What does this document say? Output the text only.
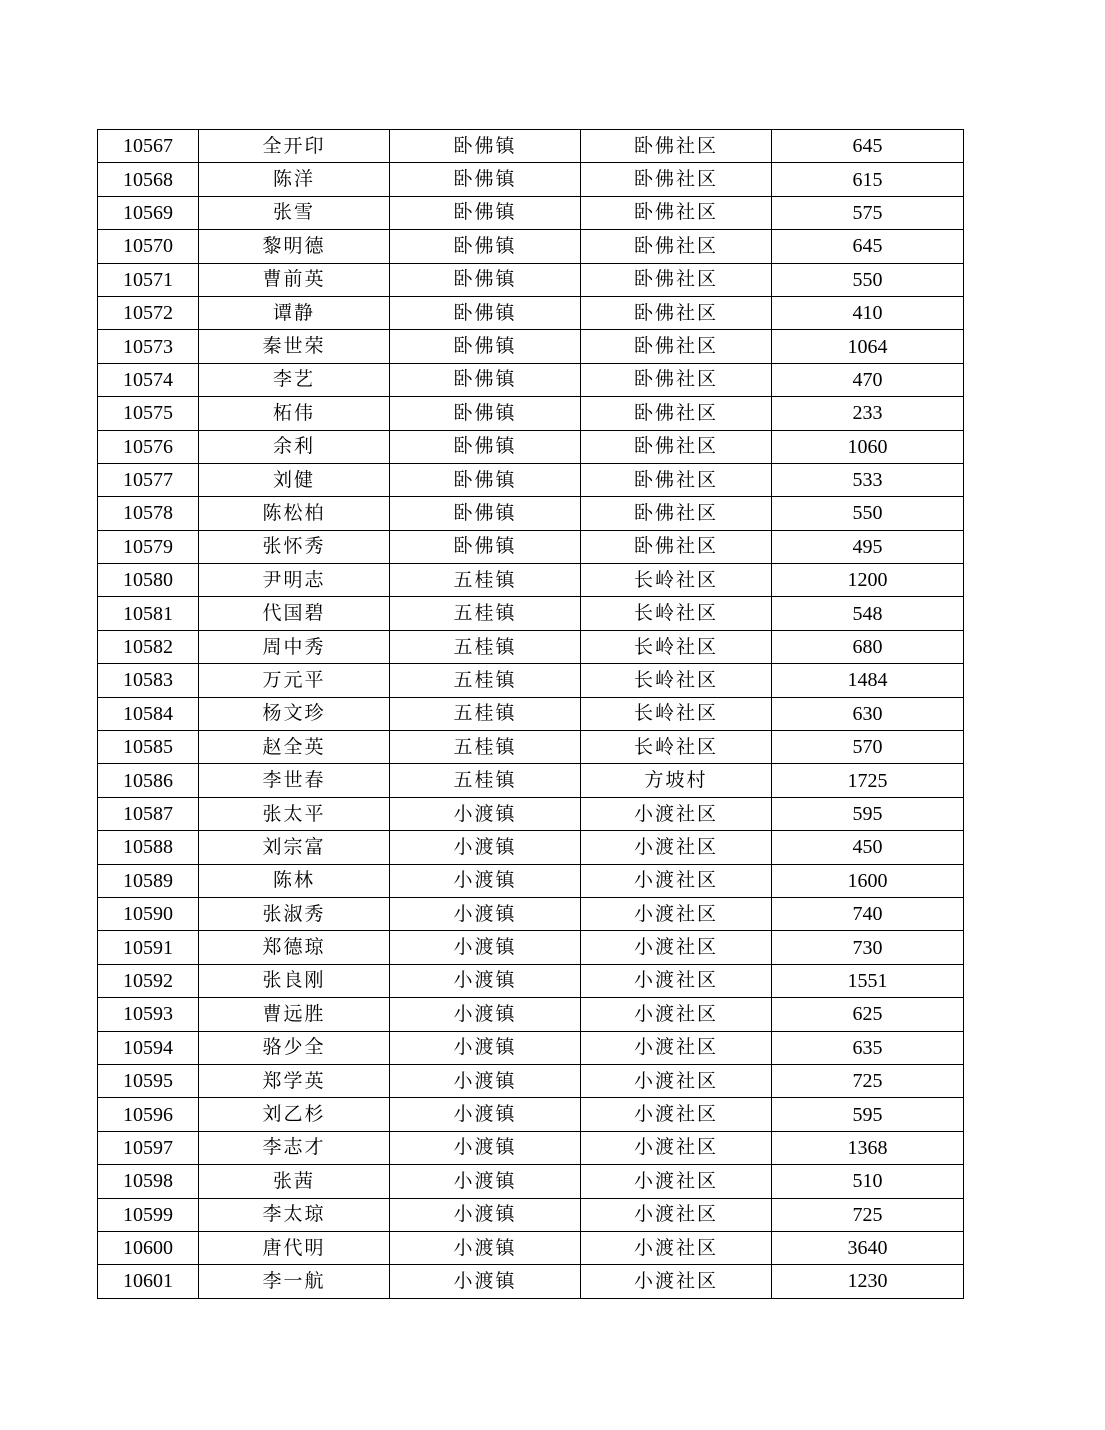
10567	全开印	卧佛镇	卧佛社区	645
10568	陈洋	卧佛镇	卧佛社区	615
10569	张雪	卧佛镇	卧佛社区	575
10570	黎明德	卧佛镇	卧佛社区	645
10571	曹前英	卧佛镇	卧佛社区	550
10572	谭静	卧佛镇	卧佛社区	410
10573	秦世荣	卧佛镇	卧佛社区	1064
10574	李艺	卧佛镇	卧佛社区	470
10575	柘伟	卧佛镇	卧佛社区	233
10576	余利	卧佛镇	卧佛社区	1060
10577	刘健	卧佛镇	卧佛社区	533
10578	陈松柏	卧佛镇	卧佛社区	550
10579	张怀秀	卧佛镇	卧佛社区	495
10580	尹明志	五桂镇	长岭社区	1200
10581	代国碧	五桂镇	长岭社区	548
10582	周中秀	五桂镇	长岭社区	680
10583	万元平	五桂镇	长岭社区	1484
10584	杨文珍	五桂镇	长岭社区	630
10585	赵全英	五桂镇	长岭社区	570
10586	李世春	五桂镇	方坡村	1725
10587	张太平	小渡镇	小渡社区	595
10588	刘宗富	小渡镇	小渡社区	450
10589	陈林	小渡镇	小渡社区	1600
10590	张淑秀	小渡镇	小渡社区	740
10591	郑德琼	小渡镇	小渡社区	730
10592	张良刚	小渡镇	小渡社区	1551
10593	曹远胜	小渡镇	小渡社区	625
10594	骆少全	小渡镇	小渡社区	635
10595	郑学英	小渡镇	小渡社区	725
10596	刘乙杉	小渡镇	小渡社区	595
10597	李志才	小渡镇	小渡社区	1368
10598	张茜	小渡镇	小渡社区	510
10599	李太琼	小渡镇	小渡社区	725
10600	唐代明	小渡镇	小渡社区	3640
10601	李一航	小渡镇	小渡社区	1230
